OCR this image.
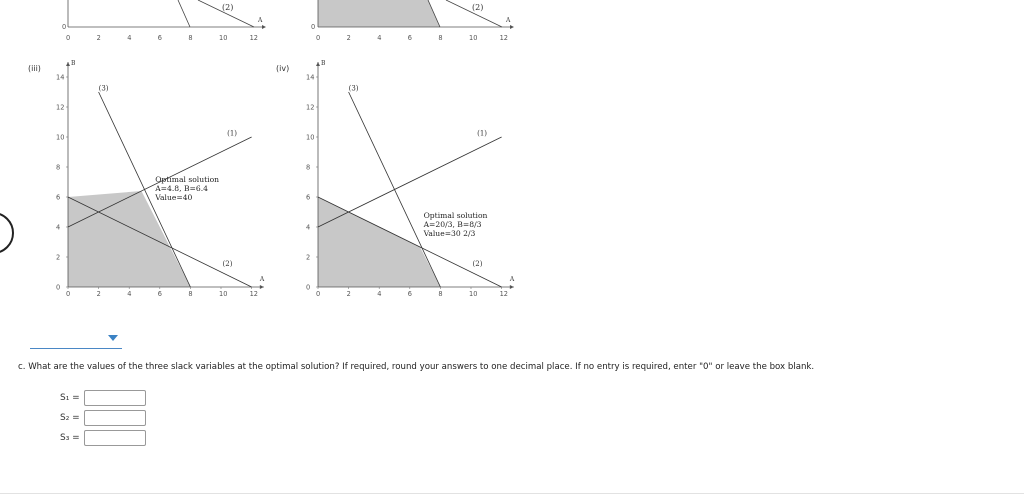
(2)
A
0
0	2	4	6	8	10	12
(2)
A
0
0	2	4	6	8	10	12
(iii)
B
A
0	2	4	6	8	10	12
0
2
4
6
8
10
12
14
(3)
(1)
(2)
Optimal solution
A=4.8, B=6.4
Value=40
(iv)
B
A
0	2	4	6	8	10	12
0
2
4
6
8
10
12
14
(3)
(1)
(2)
Optimal solution
A=20/3, B=8/3
Value=30 2/3
c. What are the values of the three slack variables at the optimal solution? If required, round your answers to one decimal place. If no entry is required, enter "0" or leave the box blank.
S₁ =
S₂ =
S₃ =
